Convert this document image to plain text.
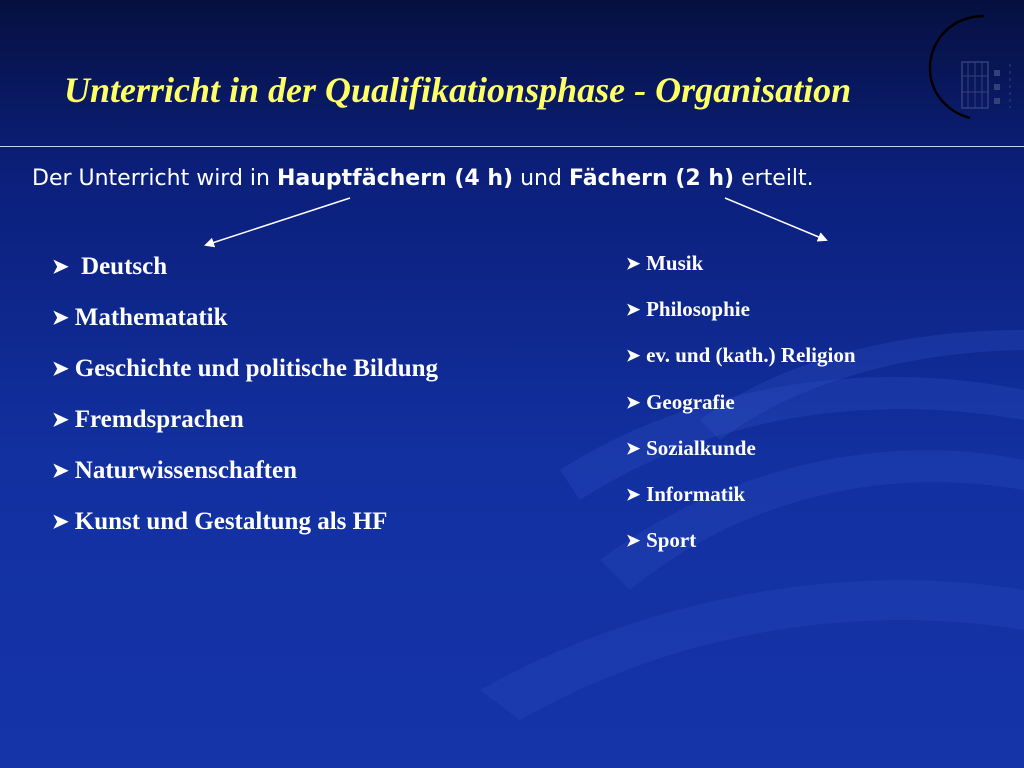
Unterricht in der Qualifikationsphase - Organisation

Der Unterricht wird in Hauptfächern (4 h) und Fächern (2 h) erteilt.

➤ Deutsch
➤ Mathematatik
➤ Geschichte und politische Bildung
➤ Fremdsprachen
➤ Naturwissenschaften
➤ Kunst und Gestaltung als HF
➤ Musik
➤ Philosophie
➤ ev. und (kath.) Religion
➤ Geografie
➤ Sozialkunde
➤ Informatik
➤ Sport
